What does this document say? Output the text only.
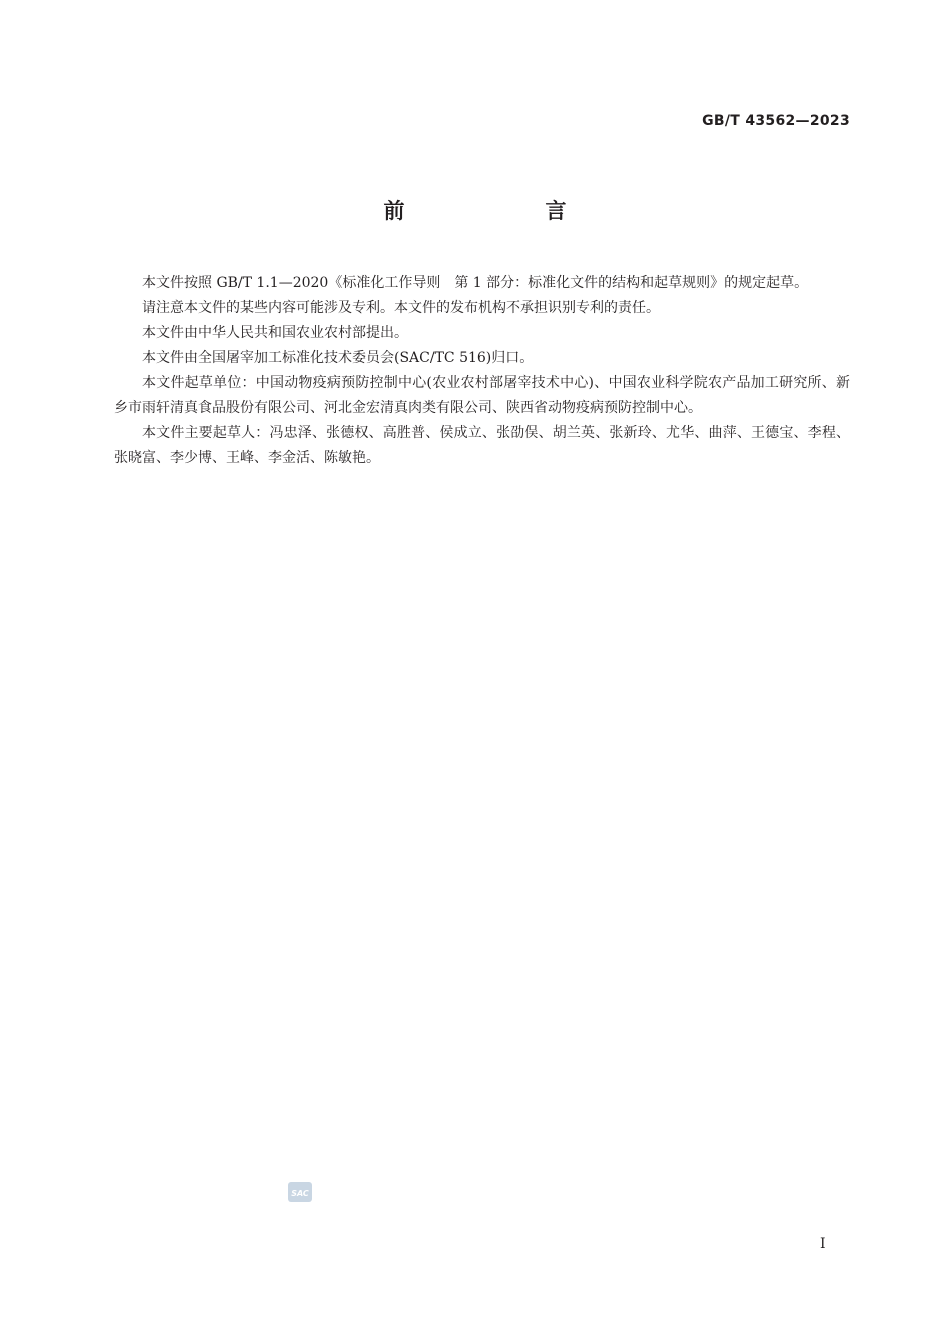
GB/T 43562—2023
前　言

本文件按照 GB/T 1.1—2020《标准化工作导则　第 1 部分：标准化文件的结构和起草规则》的规定起草。

请注意本文件的某些内容可能涉及专利。本文件的发布机构不承担识别专利的责任。

本文件由中华人民共和国农业农村部提出。

本文件由全国屠宰加工标准化技术委员会(SAC/TC 516)归口。

本文件起草单位：中国动物疫病预防控制中心(农业农村部屠宰技术中心)、中国农业科学院农产品加工研究所、新乡市雨轩清真食品股份有限公司、河北金宏清真肉类有限公司、陕西省动物疫病预防控制中心。

本文件主要起草人：冯忠泽、张德权、高胜普、侯成立、张劭俣、胡兰英、张新玲、尤华、曲萍、王德宝、李程、张晓富、李少博、王峰、李金活、陈敏艳。

SAC
I
